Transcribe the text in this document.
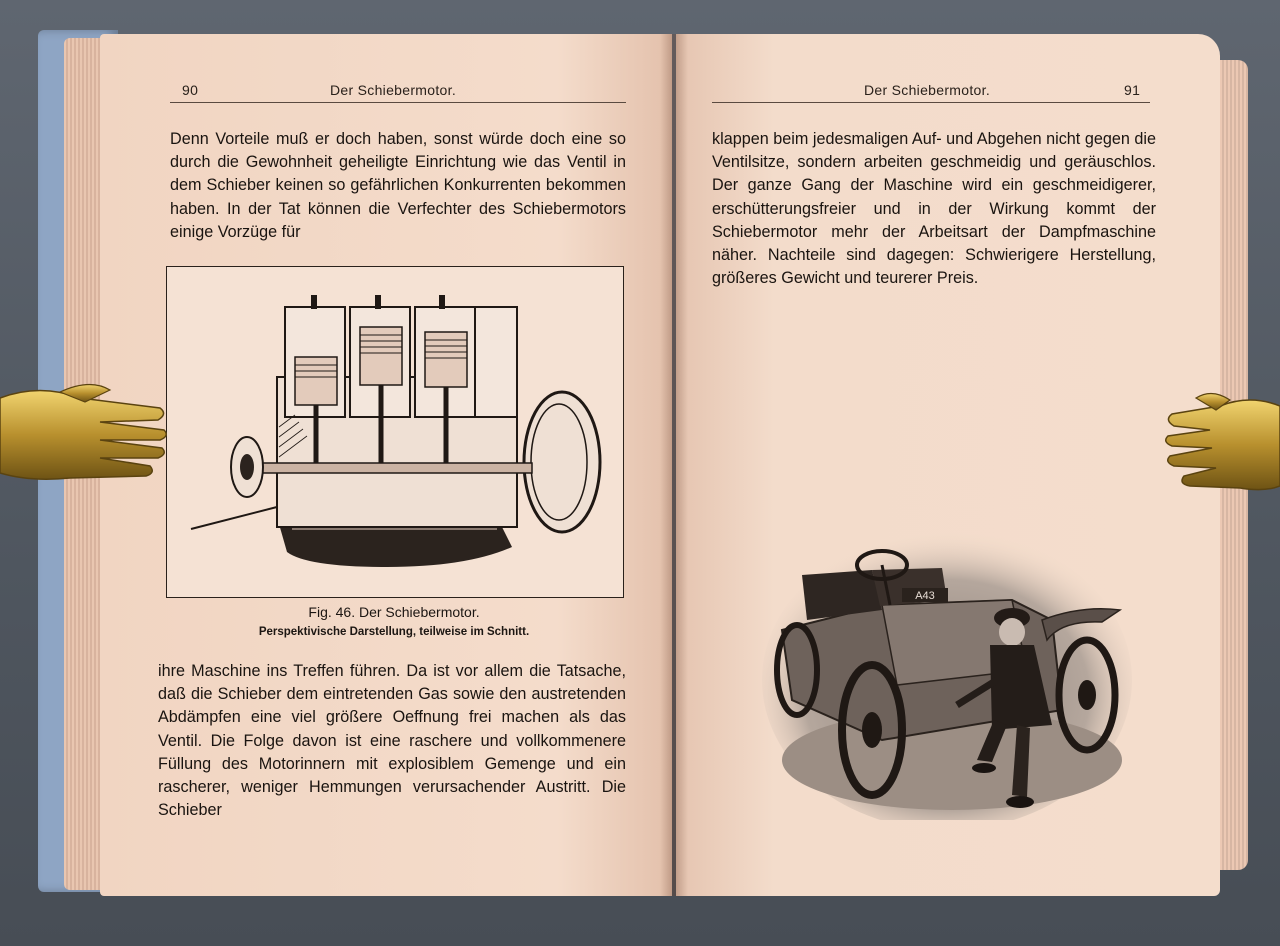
90	Der Schiebermotor.

Denn Vorteile muß er doch haben, sonst würde doch eine so durch die Gewohnheit geheiligte Einrichtung wie das Ventil in dem Schieber keinen so gefährlichen Konkurrenten bekommen haben. In der Tat können die Verfechter des Schiebermotors einige Vorzüge für

Fig. 46. Der Schiebermotor.
Perspektivische Darstellung, teilweise im Schnitt.

ihre Maschine ins Treffen führen. Da ist vor allem die Tatsache, daß die Schieber dem eintretenden Gas sowie den austretenden Abdämpfen eine viel größere Oeffnung frei machen als das Ventil. Die Folge davon ist eine raschere und vollkommenere Füllung des Motorinnern mit explosiblem Gemenge und ein rascherer, weniger Hemmungen verursachender Austritt. Die Schieber

Der Schiebermotor.	91

klappen beim jedesmaligen Auf- und Abgehen nicht gegen die Ventilsitze, sondern arbeiten geschmeidig und geräuschlos. Der ganze Gang der Maschine wird ein geschmeidigerer, erschütterungsfreier und in der Wirkung kommt der Schiebermotor mehr der Arbeitsart der Dampfmaschine näher. Nachteile sind dagegen: Schwierigere Herstellung, größeres Gewicht und teurerer Preis.

A43
